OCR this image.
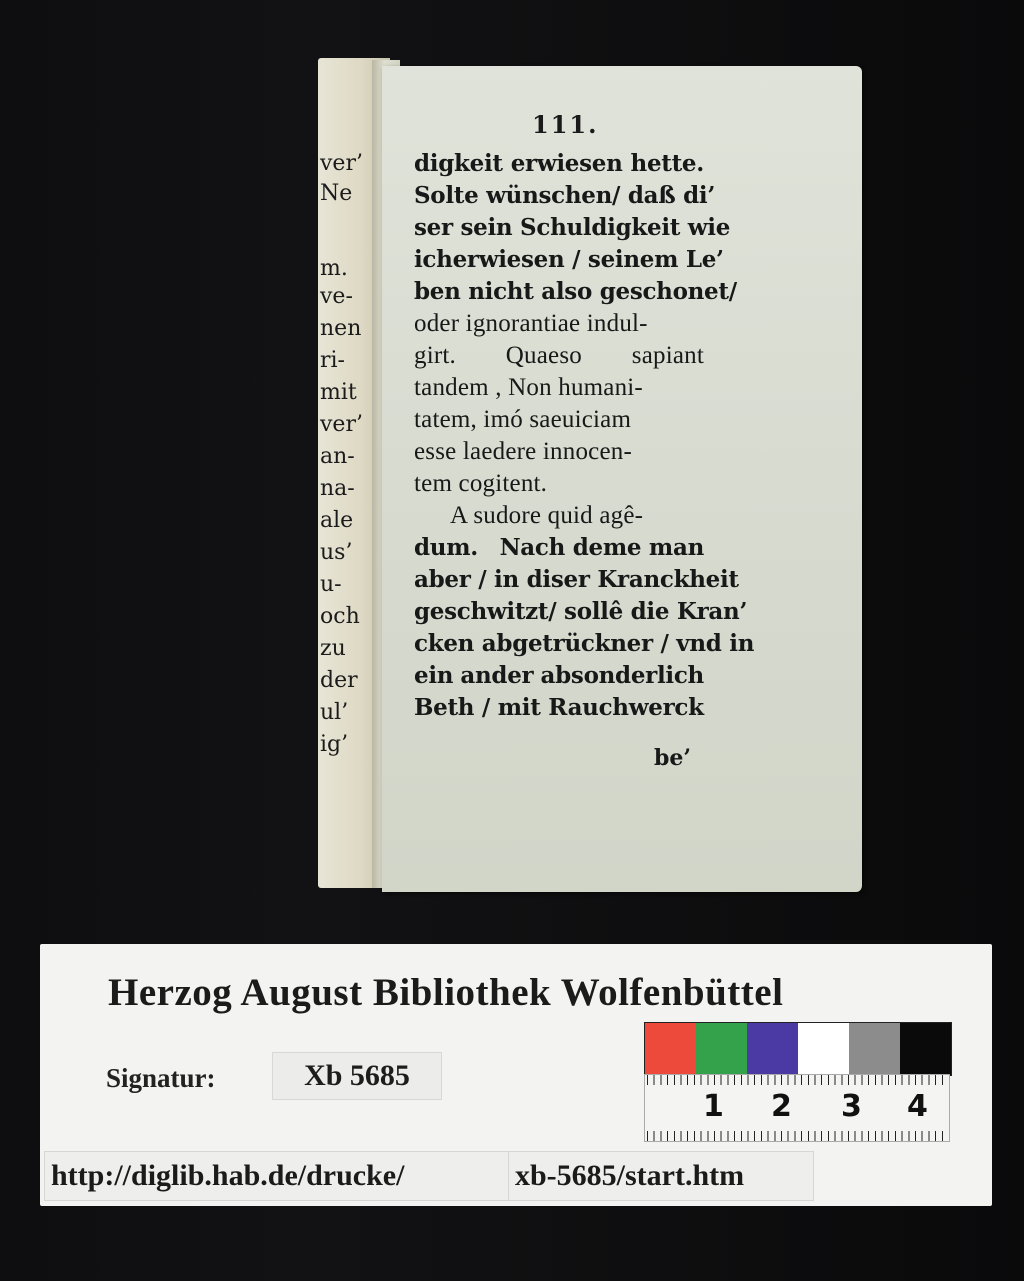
ver’
Ne
m.
ve-
nen
ri-
mit
ver’
an-
na-
ale
us’
u-
och
zu
der
ul’
ig’
111.
digkeit erwiesen hette.
Solte wünschen/ daß di’
ser sein Schuldigkeit wie
ich erwiesen / seinem Le’
ben nicht also geschonet/
oder ignorantiae indul-
girt. Quaeso sapiant
tandem , Non humani-
tatem, imó saeuiciam
esse laedere innocen-
tem cogitent.
A sudore quid agê-
dum. Nach deme man
aber / in diser Kranckheit
geschwitzt/ sollê die Kran’
cken abgetrückner / vnd in
ein ander absonderlich
Beth / mit Rauchwerck
be’
Herzog August Bibliothek Wolfenbüttel
Signatur:	Xb 5685
http://diglib.hab.de/drucke/	xb-5685/start.htm
1 2 3 4
